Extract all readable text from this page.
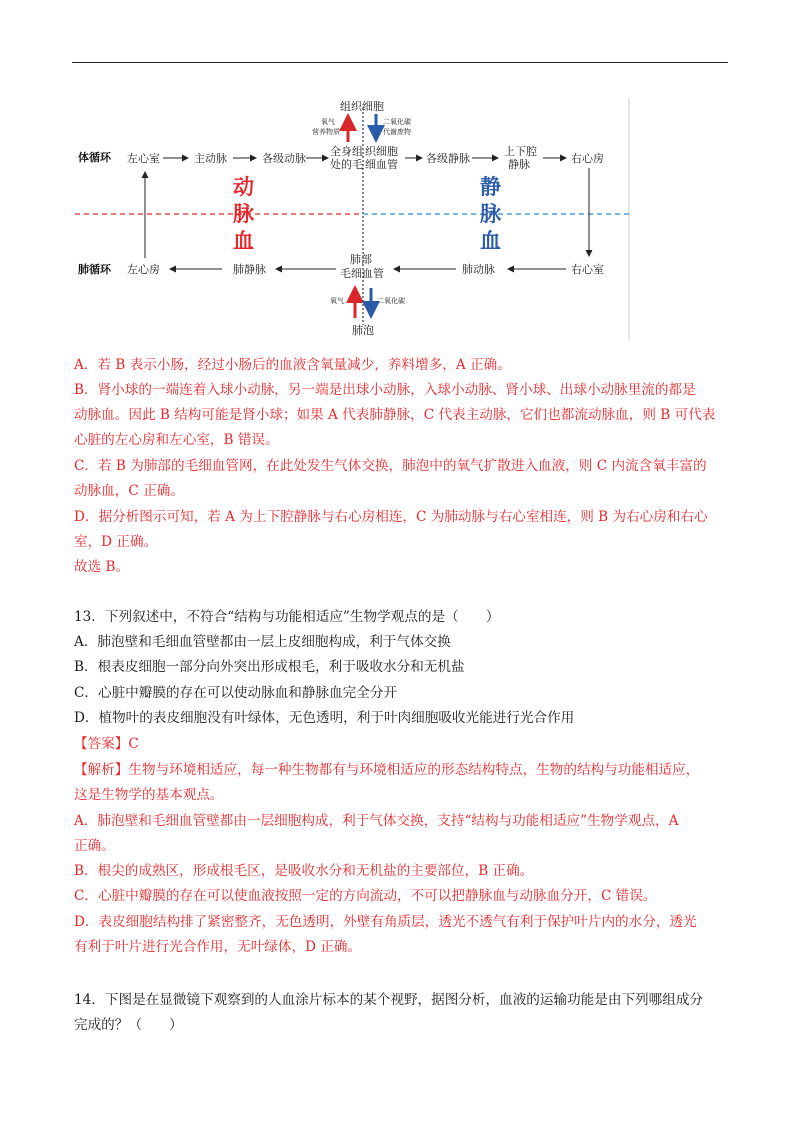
体循环
肺循环
组织细胞
氧气
营养物质
二氧化碳
代谢废物
左心室	主动脉	各级动脉
全身组 织细胞
处的毛 细血管	各级静脉
上下腔
静脉	右心房
动
脉
血
静
脉
血
左心房	肺静脉
肺部
毛细血管	肺动脉	右心室
氧气	二氧化碳
肺泡
A．若 B 表示小肠，经过小肠后的血液含氧量减少，养料增多，A 正确。
B．肾小球的一端连着入球小动脉，另一端是出球小动脉，入球小动脉、肾小球、出球小动脉里流的都是
动脉血。因此 B 结构可能是肾小球；如果 A 代表肺静脉，C 代表主动脉，它们也都流动脉血，则 B 可代表
心脏的左心房和左心室，B 错误。
C．若 B 为肺部的毛细血管网，在此处发生气体交换，肺泡中的氧气扩散进入血液，则 C 内流含氧丰富的
动脉血，C 正确。
D．据分析图示可知，若 A 为上下腔静脉与右心房相连，C 为肺动脉与右心室相连，则 B 为右心房和右心
室，D 正确。
故选 B。
13．下列叙述中，不符合“结构与功能相适应”生物学观点的是（　　）
A．肺泡壁和毛细血管壁都由一层上皮细胞构成，利于气体交换
B．根表皮细胞一部分向外突出形成根毛，利于吸收水分和无机盐
C．心脏中瓣膜的存在可以使动脉血和静脉血完全分开
D．植物叶的表皮细胞没有叶绿体，无色透明，利于叶肉细胞吸收光能进行光合作用
【答案】C
【解析】生物与环境相适应，每一种生物都有与环境相适应的形态结构特点，生物的结构与功能相适应，
这是生物学的基本观点。
A．肺泡壁和毛细血管壁都由一层细胞构成，利于气体交换，支持“结构与功能相适应”生物学观点，A
正确。
B．根尖的成熟区，形成根毛区，是吸收水分和无机盐的主要部位，B 正确。
C．心脏中瓣膜的存在可以使血液按照一定的方向流动，不可以把静脉血与动脉血分开，C 错误。
D．表皮细胞结构排了紧密整齐，无色透明，外壁有角质层，透光不透气有利于保护叶片内的水分，透光
有利于叶片进行光合作用，无叶绿体，D 正确。
14．下图是在显微镜下观察到的人血涂片标本的某个视野，据图分析，血液的运输功能是由下列哪组成分
完成的？（　　）
